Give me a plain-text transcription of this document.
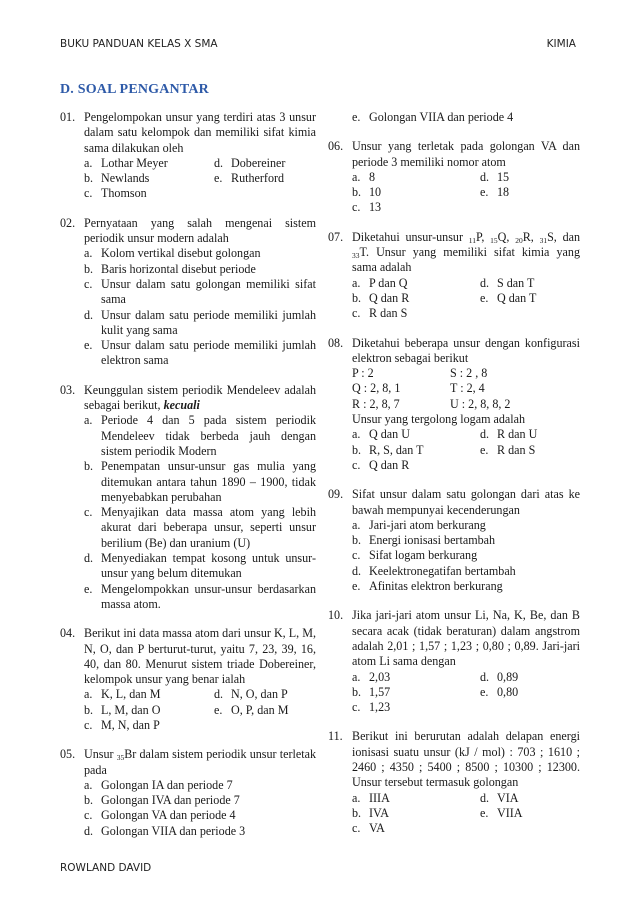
BUKU PANDUAN KELAS X SMA	KIMIA
D. SOAL PENGANTAR
01. Pengelompokan unsur yang terdiri atas 3 unsur dalam satu kelompok dan memiliki sifat kimia sama dilakukan oleh
a. Lothar Meyer	d. Dobereiner
b. Newlands	e. Rutherford
c. Thomson
02. Pernyataan yang salah mengenai sistem periodik unsur modern adalah
a. Kolom vertikal disebut golongan
b. Baris horizontal disebut periode
c. Unsur dalam satu golongan memiliki sifat sama
d. Unsur dalam satu periode memiliki jumlah kulit yang sama
e. Unsur dalam satu periode memiliki jumlah elektron sama
03. Keunggulan sistem periodik Mendeleev adalah sebagai berikut, kecuali
a. Periode 4 dan 5 pada sistem periodik Mendeleev tidak berbeda jauh dengan sistem periodik Modern
b. Penempatan unsur-unsur gas mulia yang ditemukan antara tahun 1890 – 1900, tidak menyebabkan perubahan
c. Menyajikan data massa atom yang lebih akurat dari beberapa unsur, seperti unsur berilium (Be) dan uranium (U)
d. Menyediakan tempat kosong untuk unsur-unsur yang belum ditemukan
e. Mengelompokkan unsur-unsur berdasarkan massa atom.
04. Berikut ini data massa atom dari unsur K, L, M, N, O, dan P berturut-turut, yaitu 7, 23, 39, 16, 40, dan 80. Menurut sistem triade Dobereiner, kelompok unsur yang benar ialah
a. K, L, dan M	d. N, O, dan P
b. L, M, dan O	e. O, P, dan M
c. M, N, dan P
05. Unsur $_{35}$Br dalam sistem periodik unsur terletak pada
a. Golongan IA dan periode 7
b. Golongan IVA dan periode 7
c. Golongan VA dan periode 4
d. Golongan VIIA dan periode 3
e. Golongan VIIA dan periode 4
06. Unsur yang terletak pada golongan VA dan periode 3 memiliki nomor atom
a. 8	d. 15
b. 10	e. 18
c. 13
07. Diketahui unsur-unsur $_{11}$P, $_{15}$Q, $_{20}$R, $_{31}$S, dan $_{33}$T. Unsur yang memiliki sifat kimia yang sama adalah
a. P dan Q	d. S dan T
b. Q dan R	e. Q dan T
c. R dan S
08. Diketahui beberapa unsur dengan konfigurasi elektron sebagai berikut
P : 2	S : 2 , 8
Q : 2, 8, 1	T : 2, 4
R : 2, 8, 7	U : 2, 8, 8, 2
Unsur yang tergolong logam adalah
a. Q dan U	d. R dan U
b. R, S, dan T	e. R dan S
c. Q dan R
09. Sifat unsur dalam satu golongan dari atas ke bawah mempunyai kecenderungan
a. Jari-jari atom berkurang
b. Energi ionisasi bertambah
c. Sifat logam berkurang
d. Keelektronegatifan bertambah
e. Afinitas elektron berkurang
10. Jika jari-jari atom unsur Li, Na, K, Be, dan B secara acak (tidak beraturan) dalam angstrom adalah 2,01 ; 1,57 ; 1,23 ; 0,80 ; 0,89. Jari-jari atom Li sama dengan
a. 2,03	d. 0,89
b. 1,57	e. 0,80
c. 1,23
11. Berikut ini berurutan adalah delapan energi ionisasi suatu unsur (kJ / mol) : 703 ; 1610 ; 2460 ; 4350 ; 5400 ; 8500 ; 10300 ; 12300. Unsur tersebut termasuk golongan
a. IIIA	d. VIA
b. IVA	e. VIIA
c. VA
ROWLAND DAVID
